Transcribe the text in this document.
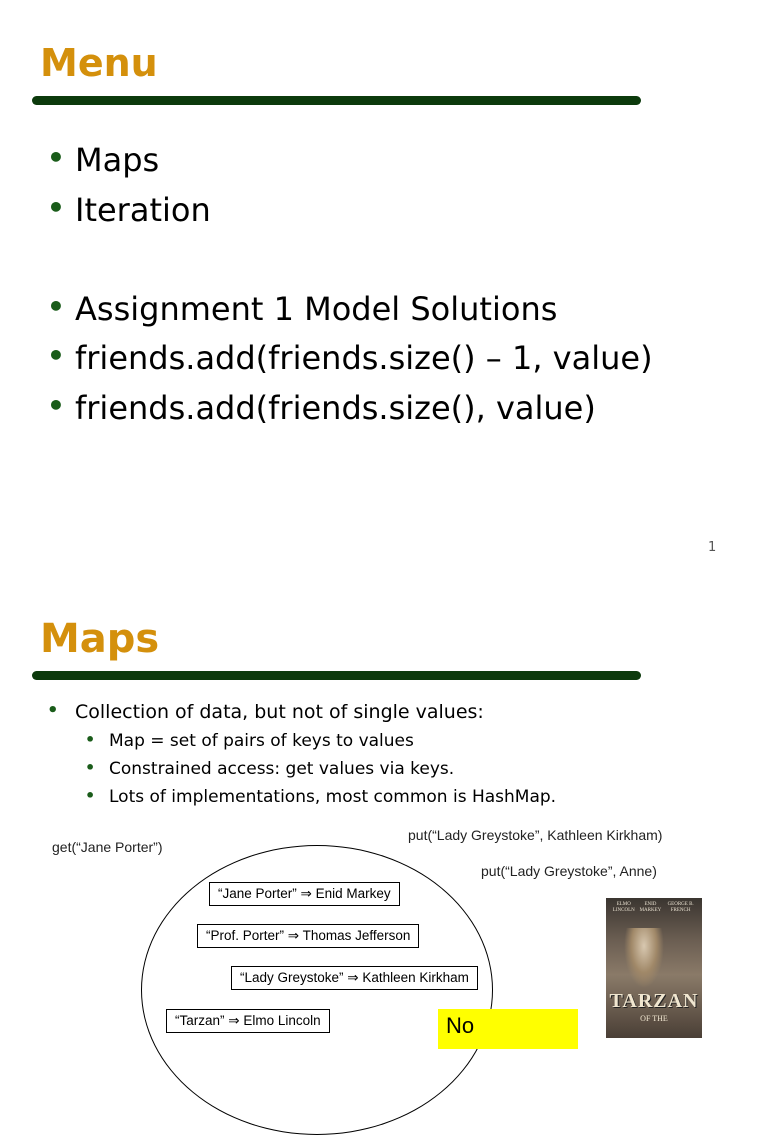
Menu
• Maps
• Iteration
• Assignment 1 Model Solutions
• friends.add(friends.size() – 1, value)
• friends.add(friends.size(), value)
1
Maps
• Collection of data, but not of single values:
• Map = set of pairs of keys to values
• Constrained access: get values via keys.
• Lots of implementations, most common is HashMap.
get(“Jane Porter”)
put(“Lady Greystoke”, Kathleen Kirkham)
put(“Lady Greystoke”, Anne)
“Jane Porter” ⇒ Enid Markey
“Prof. Porter” ⇒ Thomas Jefferson
“Lady Greystoke” ⇒ Kathleen Kirkham
“Tarzan” ⇒ Elmo Lincoln	No
ELMO LINCOLN
ENID MARKEY
GEORGE B. FRENCH
TARZAN
OF THE
